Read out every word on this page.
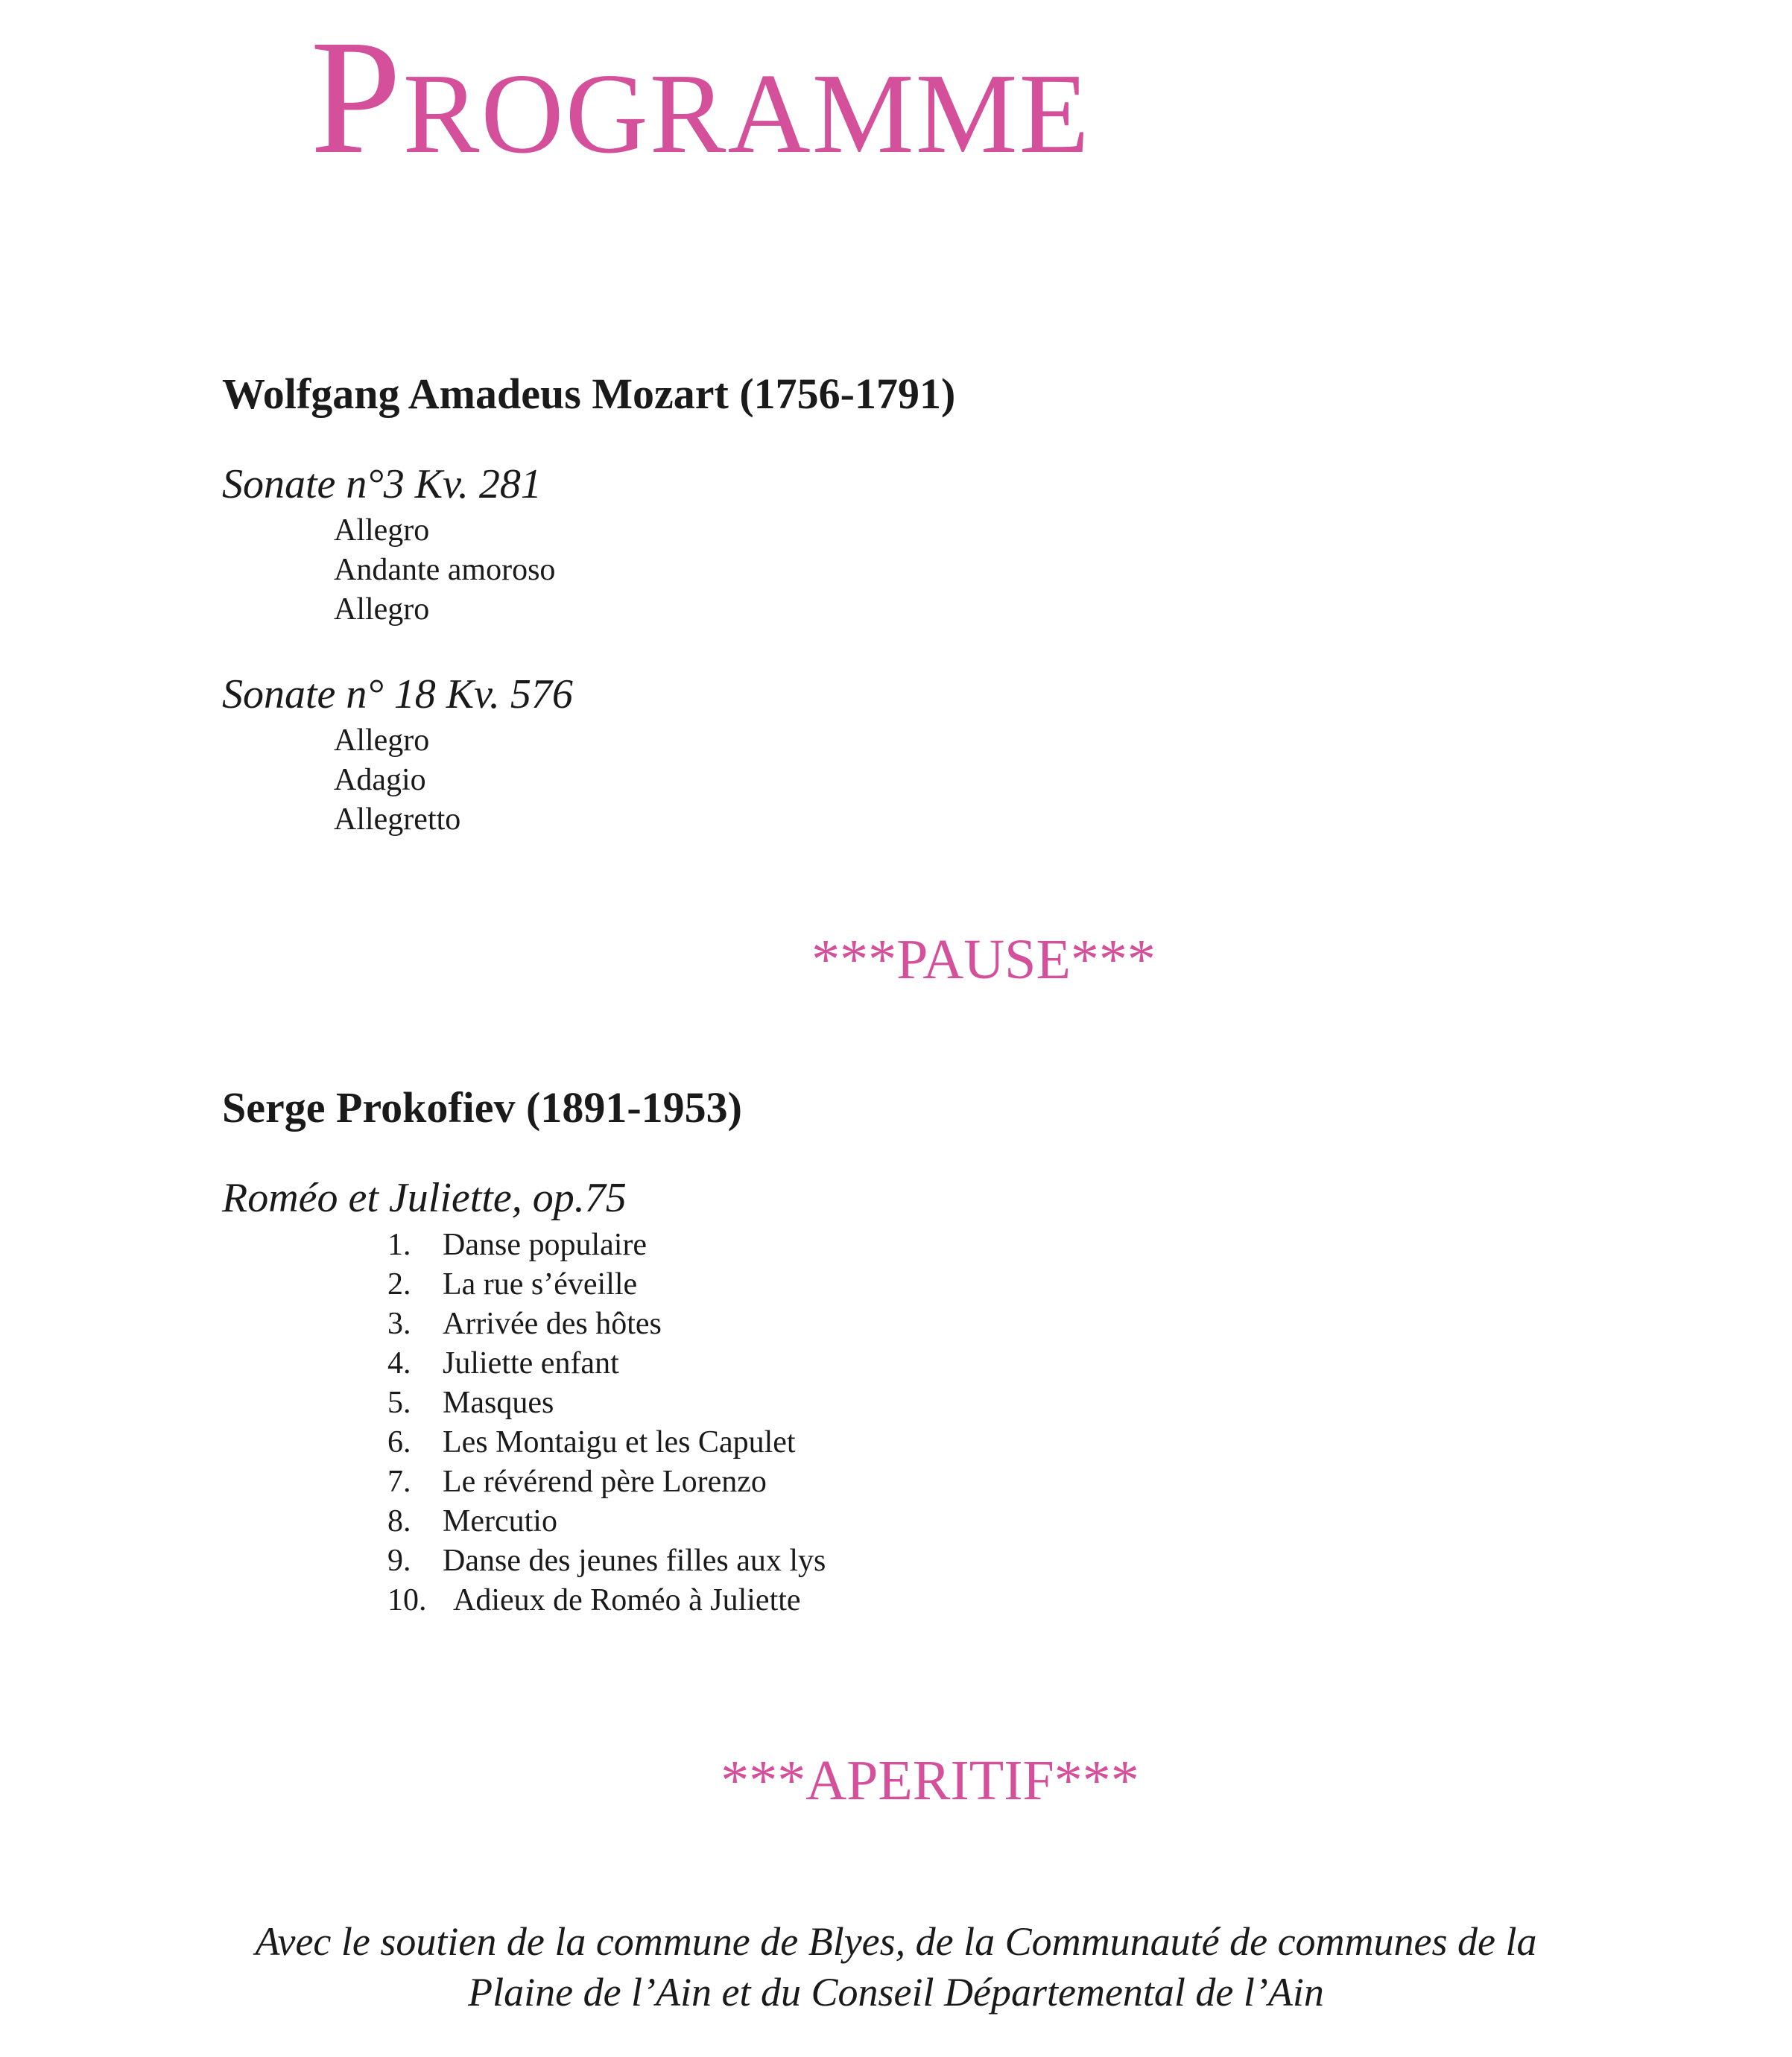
Programme
Wolfgang Amadeus Mozart (1756-1791)
Sonate n°3 Kv. 281
Allegro
Andante amoroso
Allegro
Sonate n° 18 Kv. 576
Allegro
Adagio
Allegretto
***PAUSE***
Serge Prokofiev (1891-1953)
Roméo et Juliette, op.75
1. Danse populaire
2. La rue s’éveille
3. Arrivée des hôtes
4. Juliette enfant
5. Masques
6. Les Montaigu et les Capulet
7. Le révérend père Lorenzo
8. Mercutio
9. Danse des jeunes filles aux lys
10. Adieux de Roméo à Juliette
***APERITIF***
Avec le soutien de la commune de Blyes, de la Communauté de communes de la
Plaine de l’Ain et du Conseil Départemental de l’Ain
